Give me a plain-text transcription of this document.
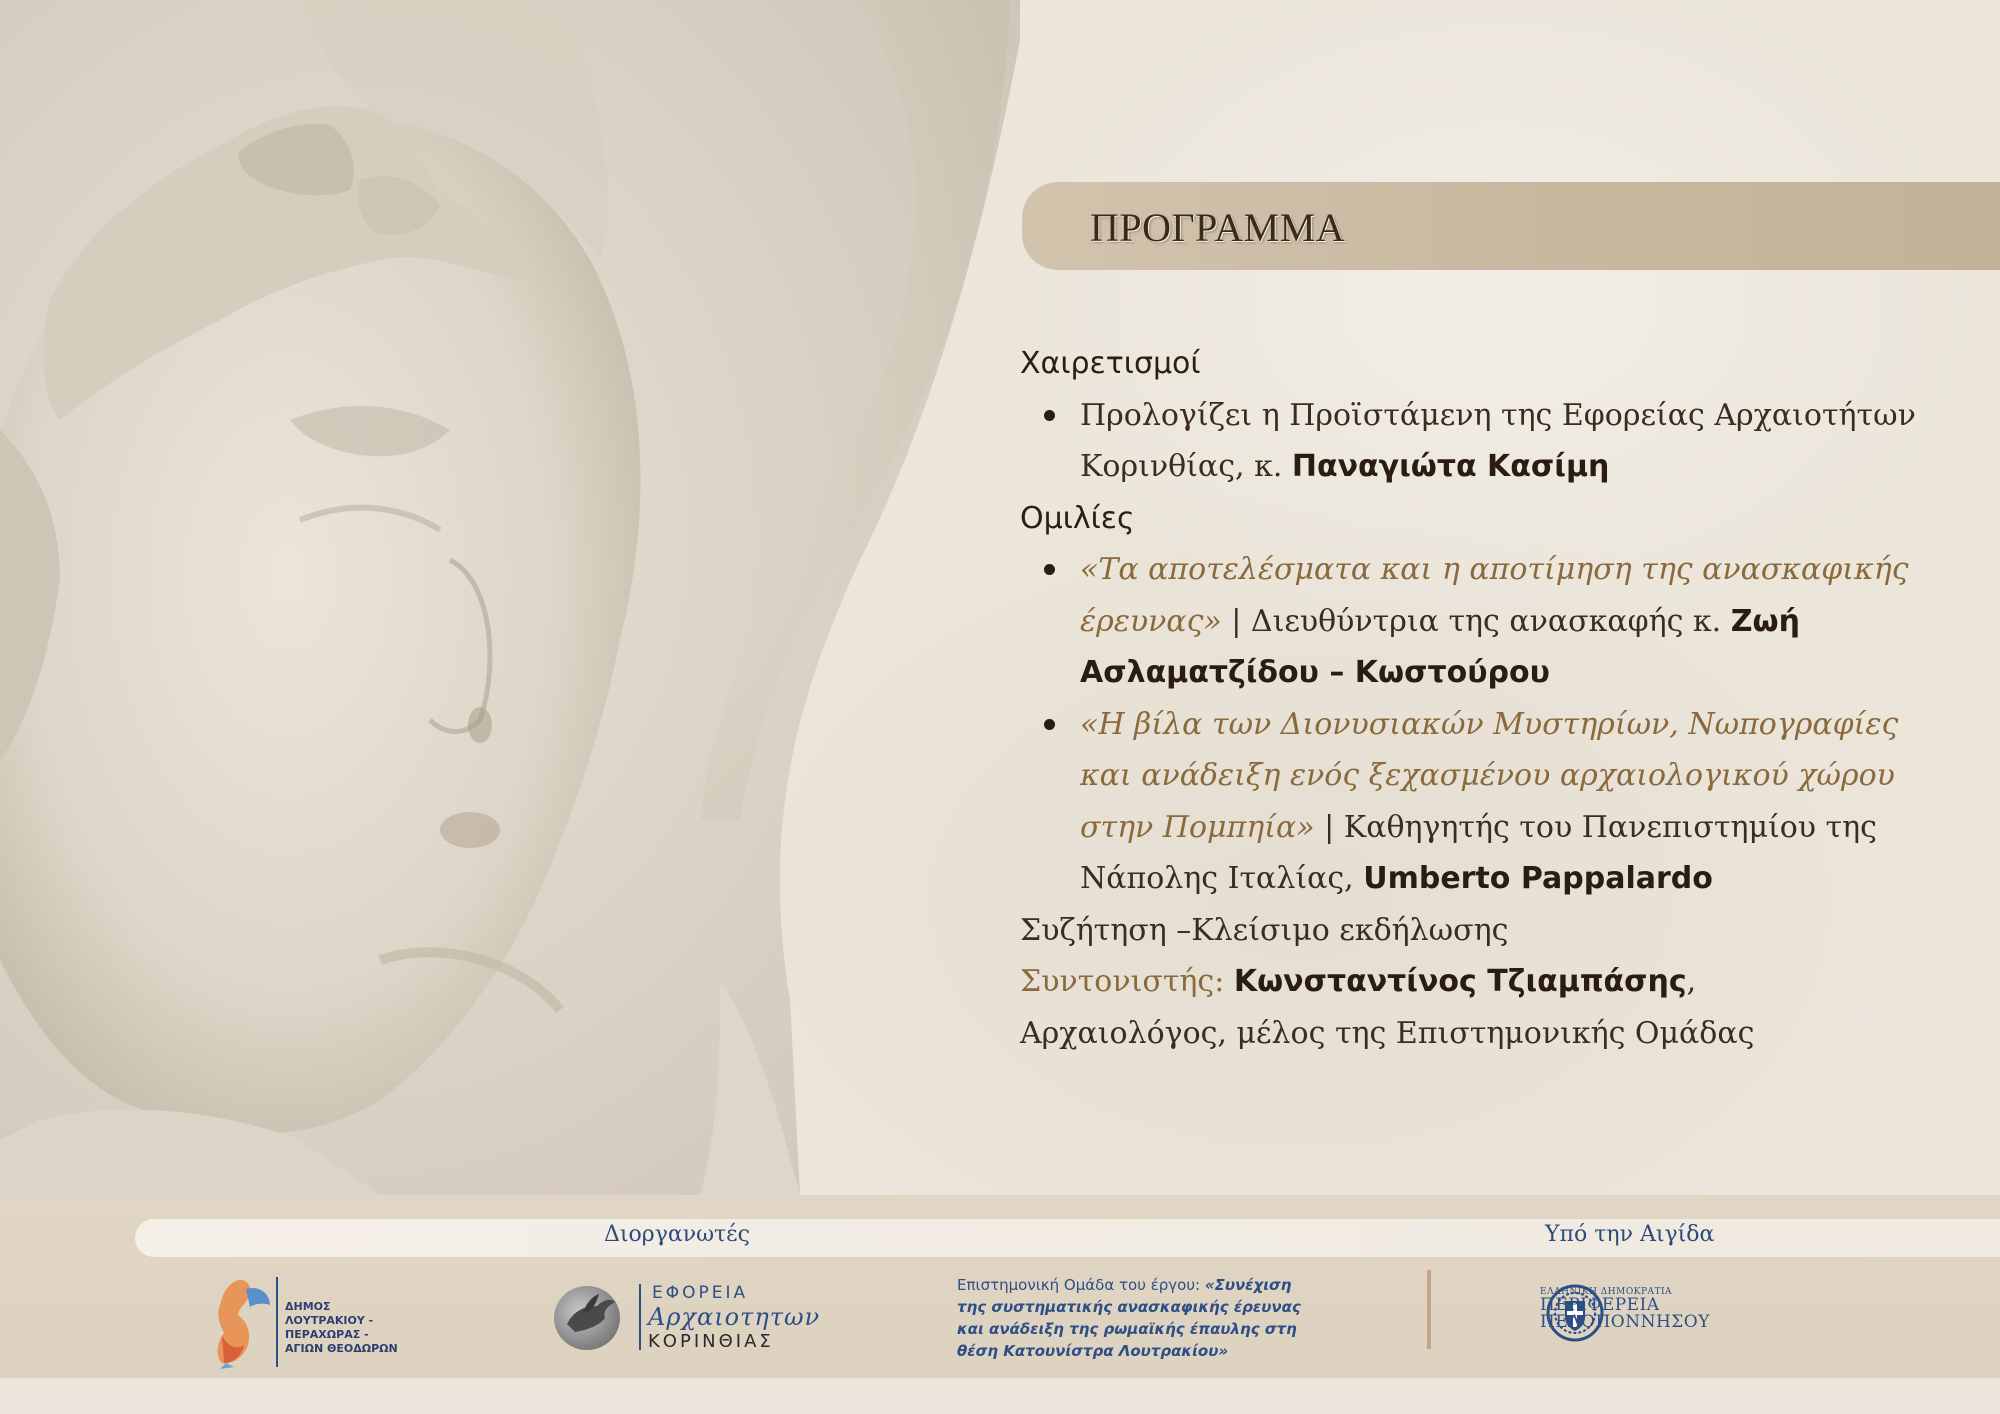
ΠΡΟΓΡΑΜΜΑ
Χαιρετισμοί
Προλογίζει η Προϊστάμενη της Εφορείας Αρχαιοτήτων Κορινθίας, κ. Παναγιώτα Κασίμη
Ομιλίες
«Τα αποτελέσματα και η αποτίμηση της ανασκαφικής έρευνας» | Διευθύντρια της ανασκαφής κ. Ζωή Ασλαματζίδου – Κωστούρου
«Η βίλα των Διονυσιακών Μυστηρίων, Νωπογραφίες και ανάδειξη ενός ξεχασμένου αρχαιολογικού χώρου στην Πομπηία» | Καθηγητής του Πανεπιστημίου της Νάπολης Ιταλίας, Umberto Pappalardo
Συζήτηση –Κλείσιμο εκδήλωσης
Συντονιστής: Κωνσταντίνος Τζιαμπάσης,
Αρχαιολόγος, μέλος της Επιστημονικής Ομάδας
Διοργανωτές	Υπό την Αιγίδα
ΔΗΜΟΣ
ΛΟΥΤΡΑΚΙΟΥ -
ΠΕΡΑΧΩΡΑΣ -
ΑΓΙΩΝ ΘΕΟΔΩΡΩΝ
ΕΦΟΡΕΙΑ
Αρχαιοτητων
ΚΟΡΙΝΘΙΑΣ
Επιστημονική Ομάδα του έργου: «Συνέχιση της συστηματικής ανασκαφικής έρευνας και ανάδειξη της ρωμαϊκής έπαυλης στη θέση Κατουνίστρα Λουτρακίου»
ΕΛΛΗΝΙΚΗ ΔΗΜΟΚΡΑΤΙΑ
ΠΕΡΙΦΕΡΕΙΑ
ΠΕΛΟΠΟΝΝΗΣΟΥ
